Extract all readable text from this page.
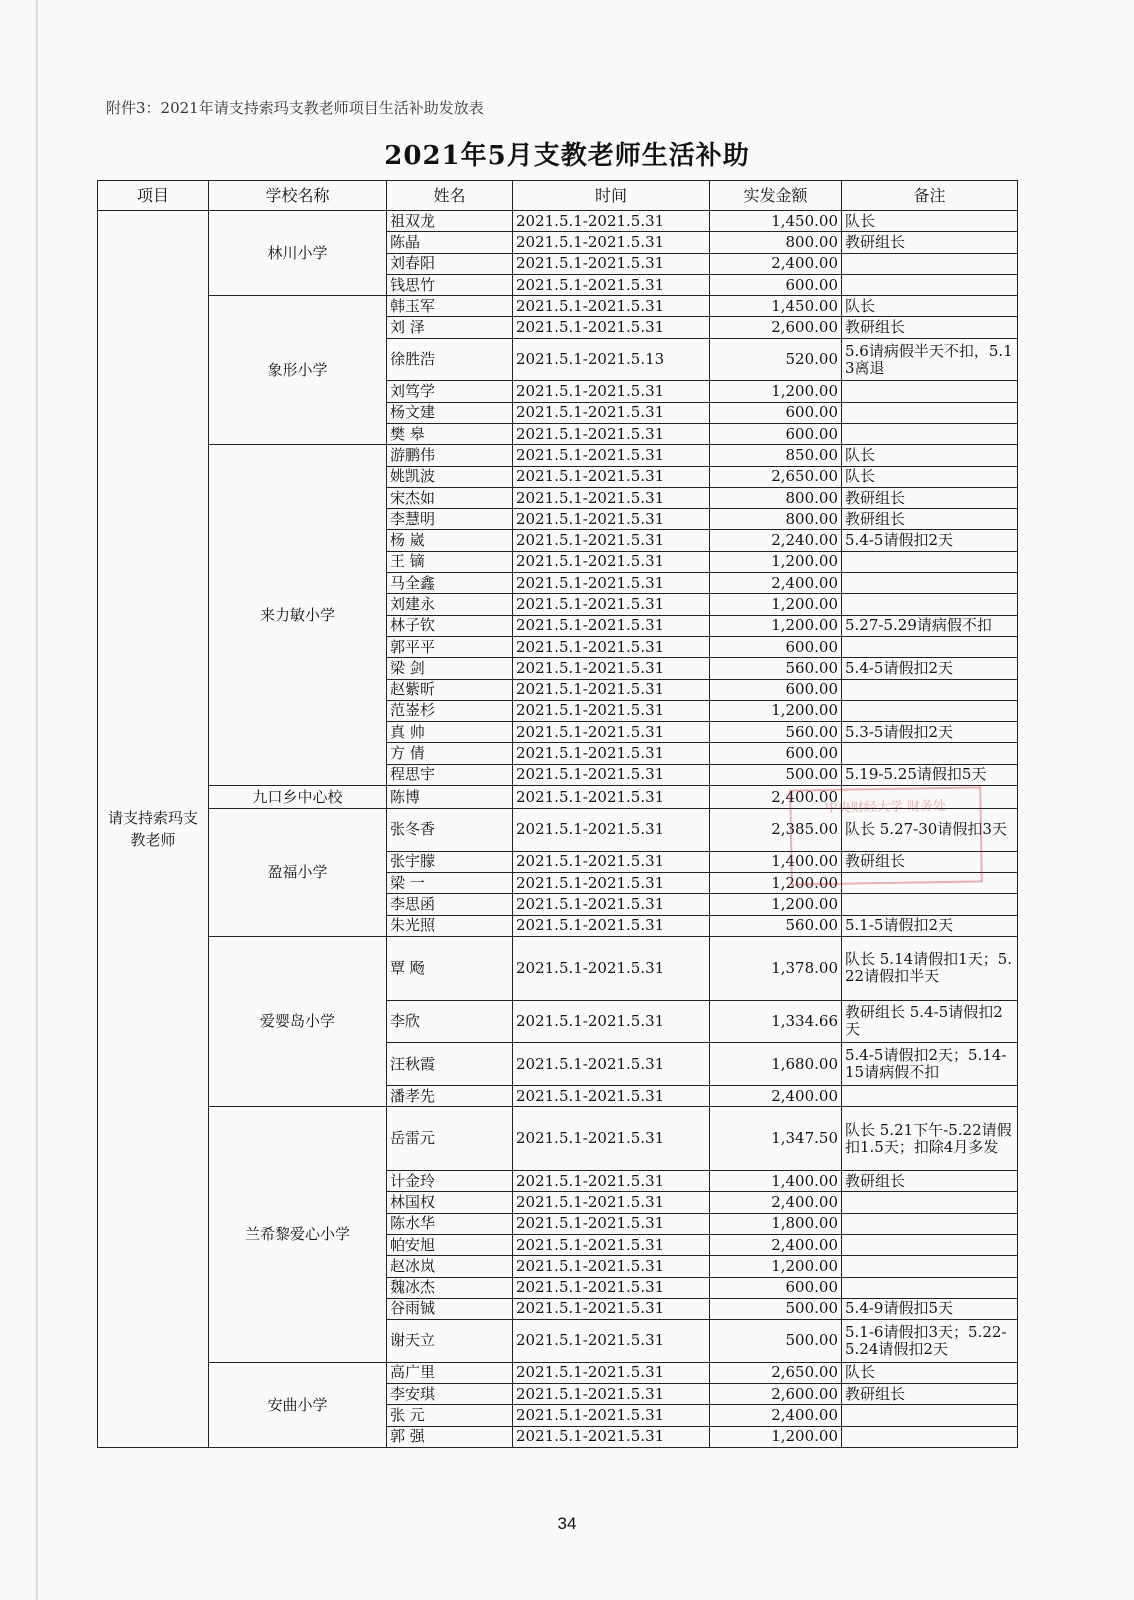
附件3：2021年请支持索玛支教老师项目生活补助发放表
2021年5月支教老师生活补助
项目	学校名称	姓名	时间	实发金额	备注
请支持索玛支教老师	林川小学	祖双龙	2021.5.1-2021.5.31	1,450.00	队长
		陈晶	2021.5.1-2021.5.31	800.00	教研组长
		刘春阳	2021.5.1-2021.5.31	2,400.00	
		钱思竹	2021.5.1-2021.5.31	600.00	
	象形小学	韩玉军	2021.5.1-2021.5.31	1,450.00	队长
		刘 泽	2021.5.1-2021.5.31	2,600.00	教研组长
		徐胜浩	2021.5.1-2021.5.13	520.00	5.6请病假半天不扣，5.13离退
		刘笃学	2021.5.1-2021.5.31	1,200.00	
		杨文建	2021.5.1-2021.5.31	600.00	
		樊 皋	2021.5.1-2021.5.31	600.00	
	来力敏小学	游鹏伟	2021.5.1-2021.5.31	850.00	队长
		姚凯波	2021.5.1-2021.5.31	2,650.00	队长
		宋杰如	2021.5.1-2021.5.31	800.00	教研组长
		李慧明	2021.5.1-2021.5.31	800.00	教研组长
		杨 崴	2021.5.1-2021.5.31	2,240.00	5.4-5请假扣2天
		王 镝	2021.5.1-2021.5.31	1,200.00	
		马全鑫	2021.5.1-2021.5.31	2,400.00	
		刘建永	2021.5.1-2021.5.31	1,200.00	
		林子钦	2021.5.1-2021.5.31	1,200.00	5.27-5.29请病假不扣
		郭平平	2021.5.1-2021.5.31	600.00	
		梁 剑	2021.5.1-2021.5.31	560.00	5.4-5请假扣2天
		赵紫昕	2021.5.1-2021.5.31	600.00	
		范崟杉	2021.5.1-2021.5.31	1,200.00	
		真 帅	2021.5.1-2021.5.31	560.00	5.3-5请假扣2天
		方 倩	2021.5.1-2021.5.31	600.00	
		程思宇	2021.5.1-2021.5.31	500.00	5.19-5.25请假扣5天
	九口乡中心校	陈博	2021.5.1-2021.5.31	2,400.00	
	盈福小学	张冬香	2021.5.1-2021.5.31	2,385.00	队长 5.27-30请假扣3天
		张宇朦	2021.5.1-2021.5.31	1,400.00	教研组长
		梁 一	2021.5.1-2021.5.31	1,200.00	
		李思函	2021.5.1-2021.5.31	1,200.00	
		朱光照	2021.5.1-2021.5.31	560.00	5.1-5请假扣2天
	爱婴岛小学	覃 飏	2021.5.1-2021.5.31	1,378.00	队长 5.14请假扣1天；5.22请假扣半天
		李欣	2021.5.1-2021.5.31	1,334.66	教研组长 5.4-5请假扣2天
		汪秋霞	2021.5.1-2021.5.31	1,680.00	5.4-5请假扣2天；5.14-15请病假不扣
		潘孝先	2021.5.1-2021.5.31	2,400.00	
	兰希黎爱心小学	岳雷元	2021.5.1-2021.5.31	1,347.50	队长 5.21下午-5.22请假扣1.5天；扣除4月多发
		计金玲	2021.5.1-2021.5.31	1,400.00	教研组长
		林国权	2021.5.1-2021.5.31	2,400.00	
		陈水华	2021.5.1-2021.5.31	1,800.00	
		帕安旭	2021.5.1-2021.5.31	2,400.00	
		赵冰岚	2021.5.1-2021.5.31	1,200.00	
		魏冰杰	2021.5.1-2021.5.31	600.00	
		谷雨铖	2021.5.1-2021.5.31	500.00	5.4-9请假扣5天
		谢天立	2021.5.1-2021.5.31	500.00	5.1-6请假扣3天；5.22-5.24请假扣2天
	安曲小学	高广里	2021.5.1-2021.5.31	2,650.00	队长
		李安琪	2021.5.1-2021.5.31	2,600.00	教研组长
		张 元	2021.5.1-2021.5.31	2,400.00	
		郭 强	2021.5.1-2021.5.31	1,200.00	
中央财经大学 财务处
34
